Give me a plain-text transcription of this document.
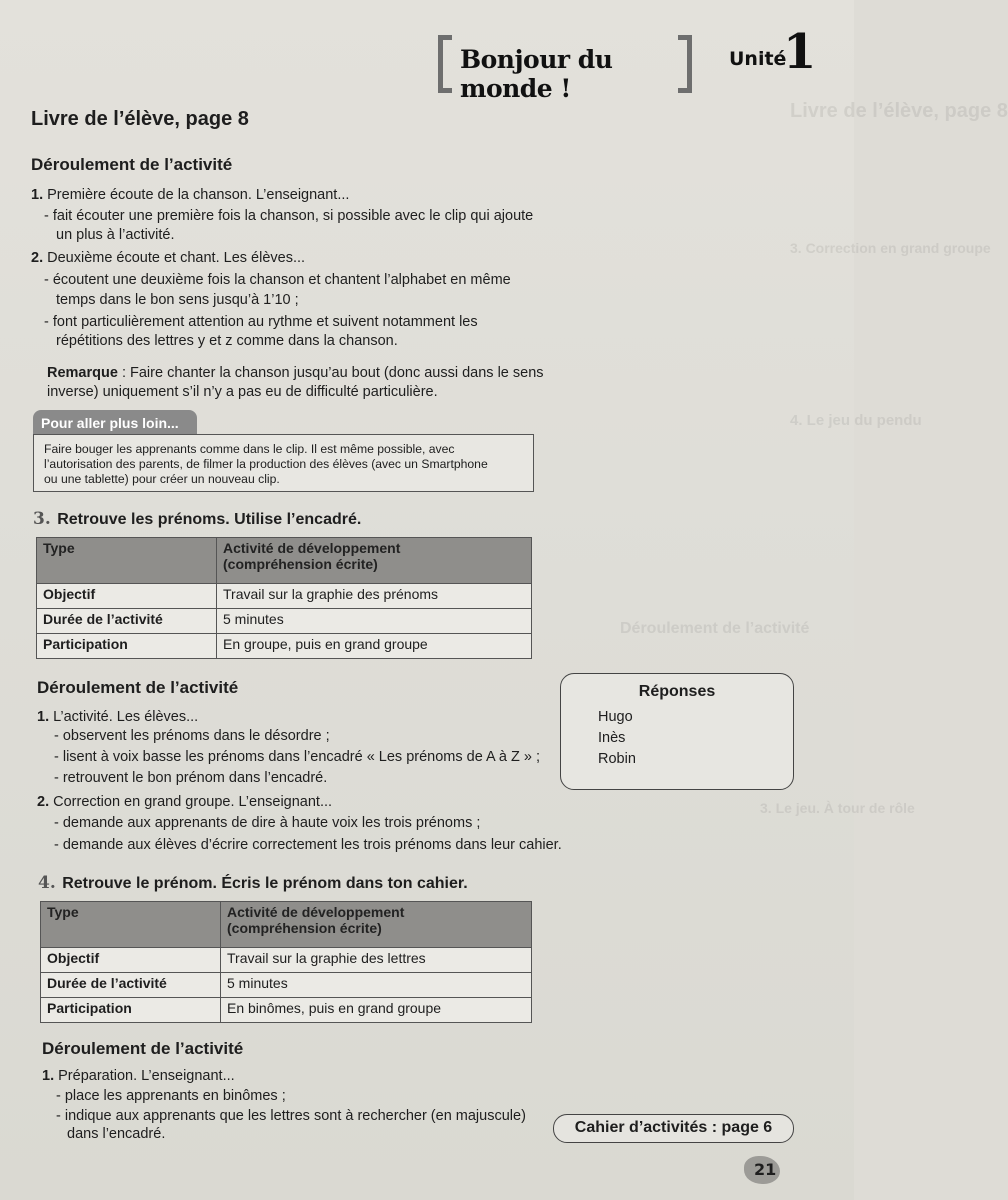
Livre de l’élève, page 8
3. Correction en grand groupe
4. Le jeu du pendu
Déroulement de l’activité
3. Le jeu. À tour de rôle
Bonjour du monde !
Unité
1
Livre de l’élève, page 8
Déroulement de l’activité
1. Première écoute de la chanson. L’enseignant...
- fait écouter une première fois la chanson, si possible avec le clip qui ajoute
un plus à l’activité.
2. Deuxième écoute et chant. Les élèves...
- écoutent une deuxième fois la chanson et chantent l’alphabet en même
temps dans le bon sens jusqu’à 1’10 ;
- font particulièrement attention au rythme et suivent notamment les
répétitions des lettres y et z comme dans la chanson.
Remarque : Faire chanter la chanson jusqu’au bout (donc aussi dans le sens
inverse) uniquement s’il n’y a pas eu de difficulté particulière.
Pour aller plus loin...
Faire bouger les apprenants comme dans le clip. Il est même possible, avec
l’autorisation des parents, de filmer la production des élèves (avec un Smartphone
ou une tablette) pour créer un nouveau clip.
3. Retrouve les prénoms. Utilise l’encadré.
Type	Activité de développement
(compréhension écrite)
Objectif	Travail sur la graphie des prénoms
Durée de l’activité	5 minutes
Participation	En groupe, puis en grand groupe
Déroulement de l’activité
1. L’activité. Les élèves...
- observent les prénoms dans le désordre ;
- lisent à voix basse les prénoms dans l’encadré « Les prénoms de A à Z » ;
- retrouvent le bon prénom dans l’encadré.
2. Correction en grand groupe. L’enseignant...
- demande aux apprenants de dire à haute voix les trois prénoms ;
- demande aux élèves d’écrire correctement les trois prénoms dans leur cahier.
Réponses
Hugo
Inès
Robin
4. Retrouve le prénom. Écris le prénom dans ton cahier.
Type	Activité de développement
(compréhension écrite)
Objectif	Travail sur la graphie des lettres
Durée de l’activité	5 minutes
Participation	En binômes, puis en grand groupe
Déroulement de l’activité
1. Préparation. L’enseignant...
- place les apprenants en binômes ;
- indique aux apprenants que les lettres sont à rechercher (en majuscule)
dans l’encadré.	Cahier d’activités : page 6
21
